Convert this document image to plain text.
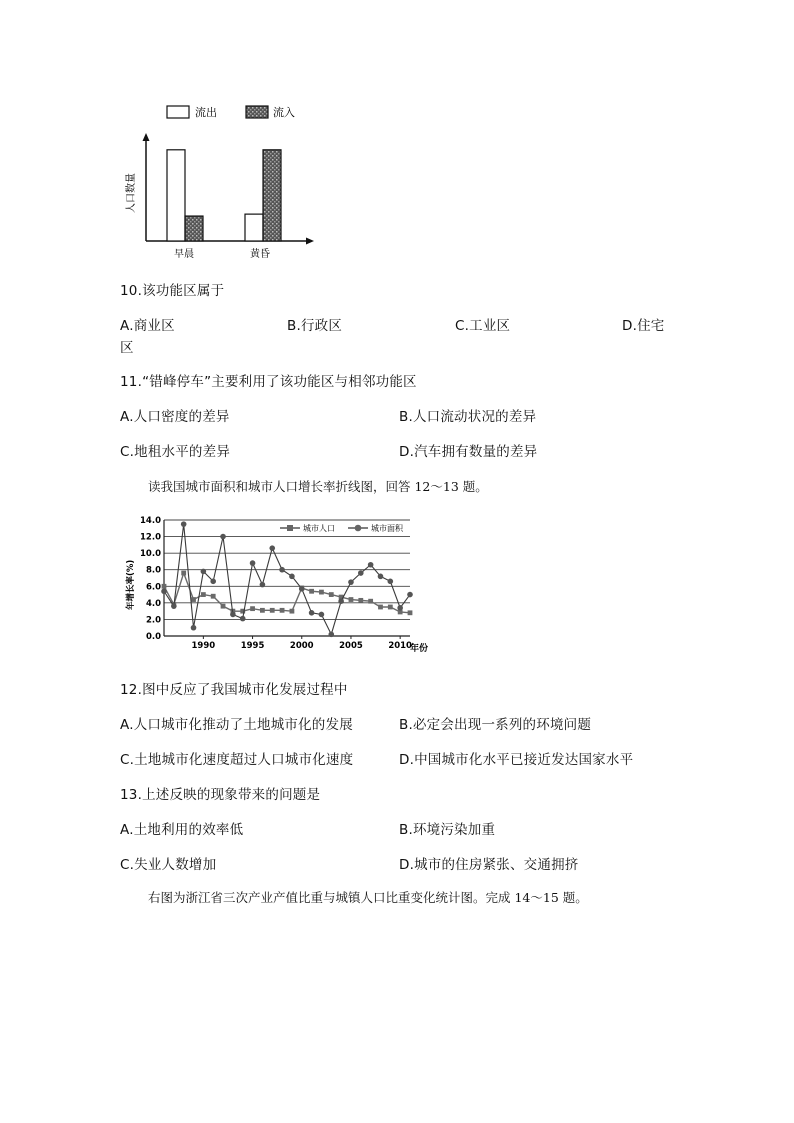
流出	流入
人口数量
早晨	黄昏
10.该功能区属于
A.商业区	B.行政区	C.工业区	D.住宅
区
11.“错峰停车”主要利用了该功能区与相邻功能区
A.人口密度的差异	B.人口流动状况的差异
C.地租水平的差异	D.汽车拥有数量的差异
读我国城市面积和城市人口增长率折线图，回答 12～13 题。
14.0
12.0
10.0
8.0
6.0
4.0
2.0
0.0
1990	1995	2000	2005	2010
年增长率(%)
年份
城市人口	城市面积
12.图中反应了我国城市化发展过程中
A.人口城市化推动了土地城市化的发展	B.必定会出现一系列的环境问题
C.土地城市化速度超过人口城市化速度	D.中国城市化水平已接近发达国家水平
13.上述反映的现象带来的问题是
A.土地利用的效率低	B.环境污染加重
C.失业人数增加	D.城市的住房紧张、交通拥挤
右图为浙江省三次产业产值比重与城镇人口比重变化统计图。完成 14～15 题。
